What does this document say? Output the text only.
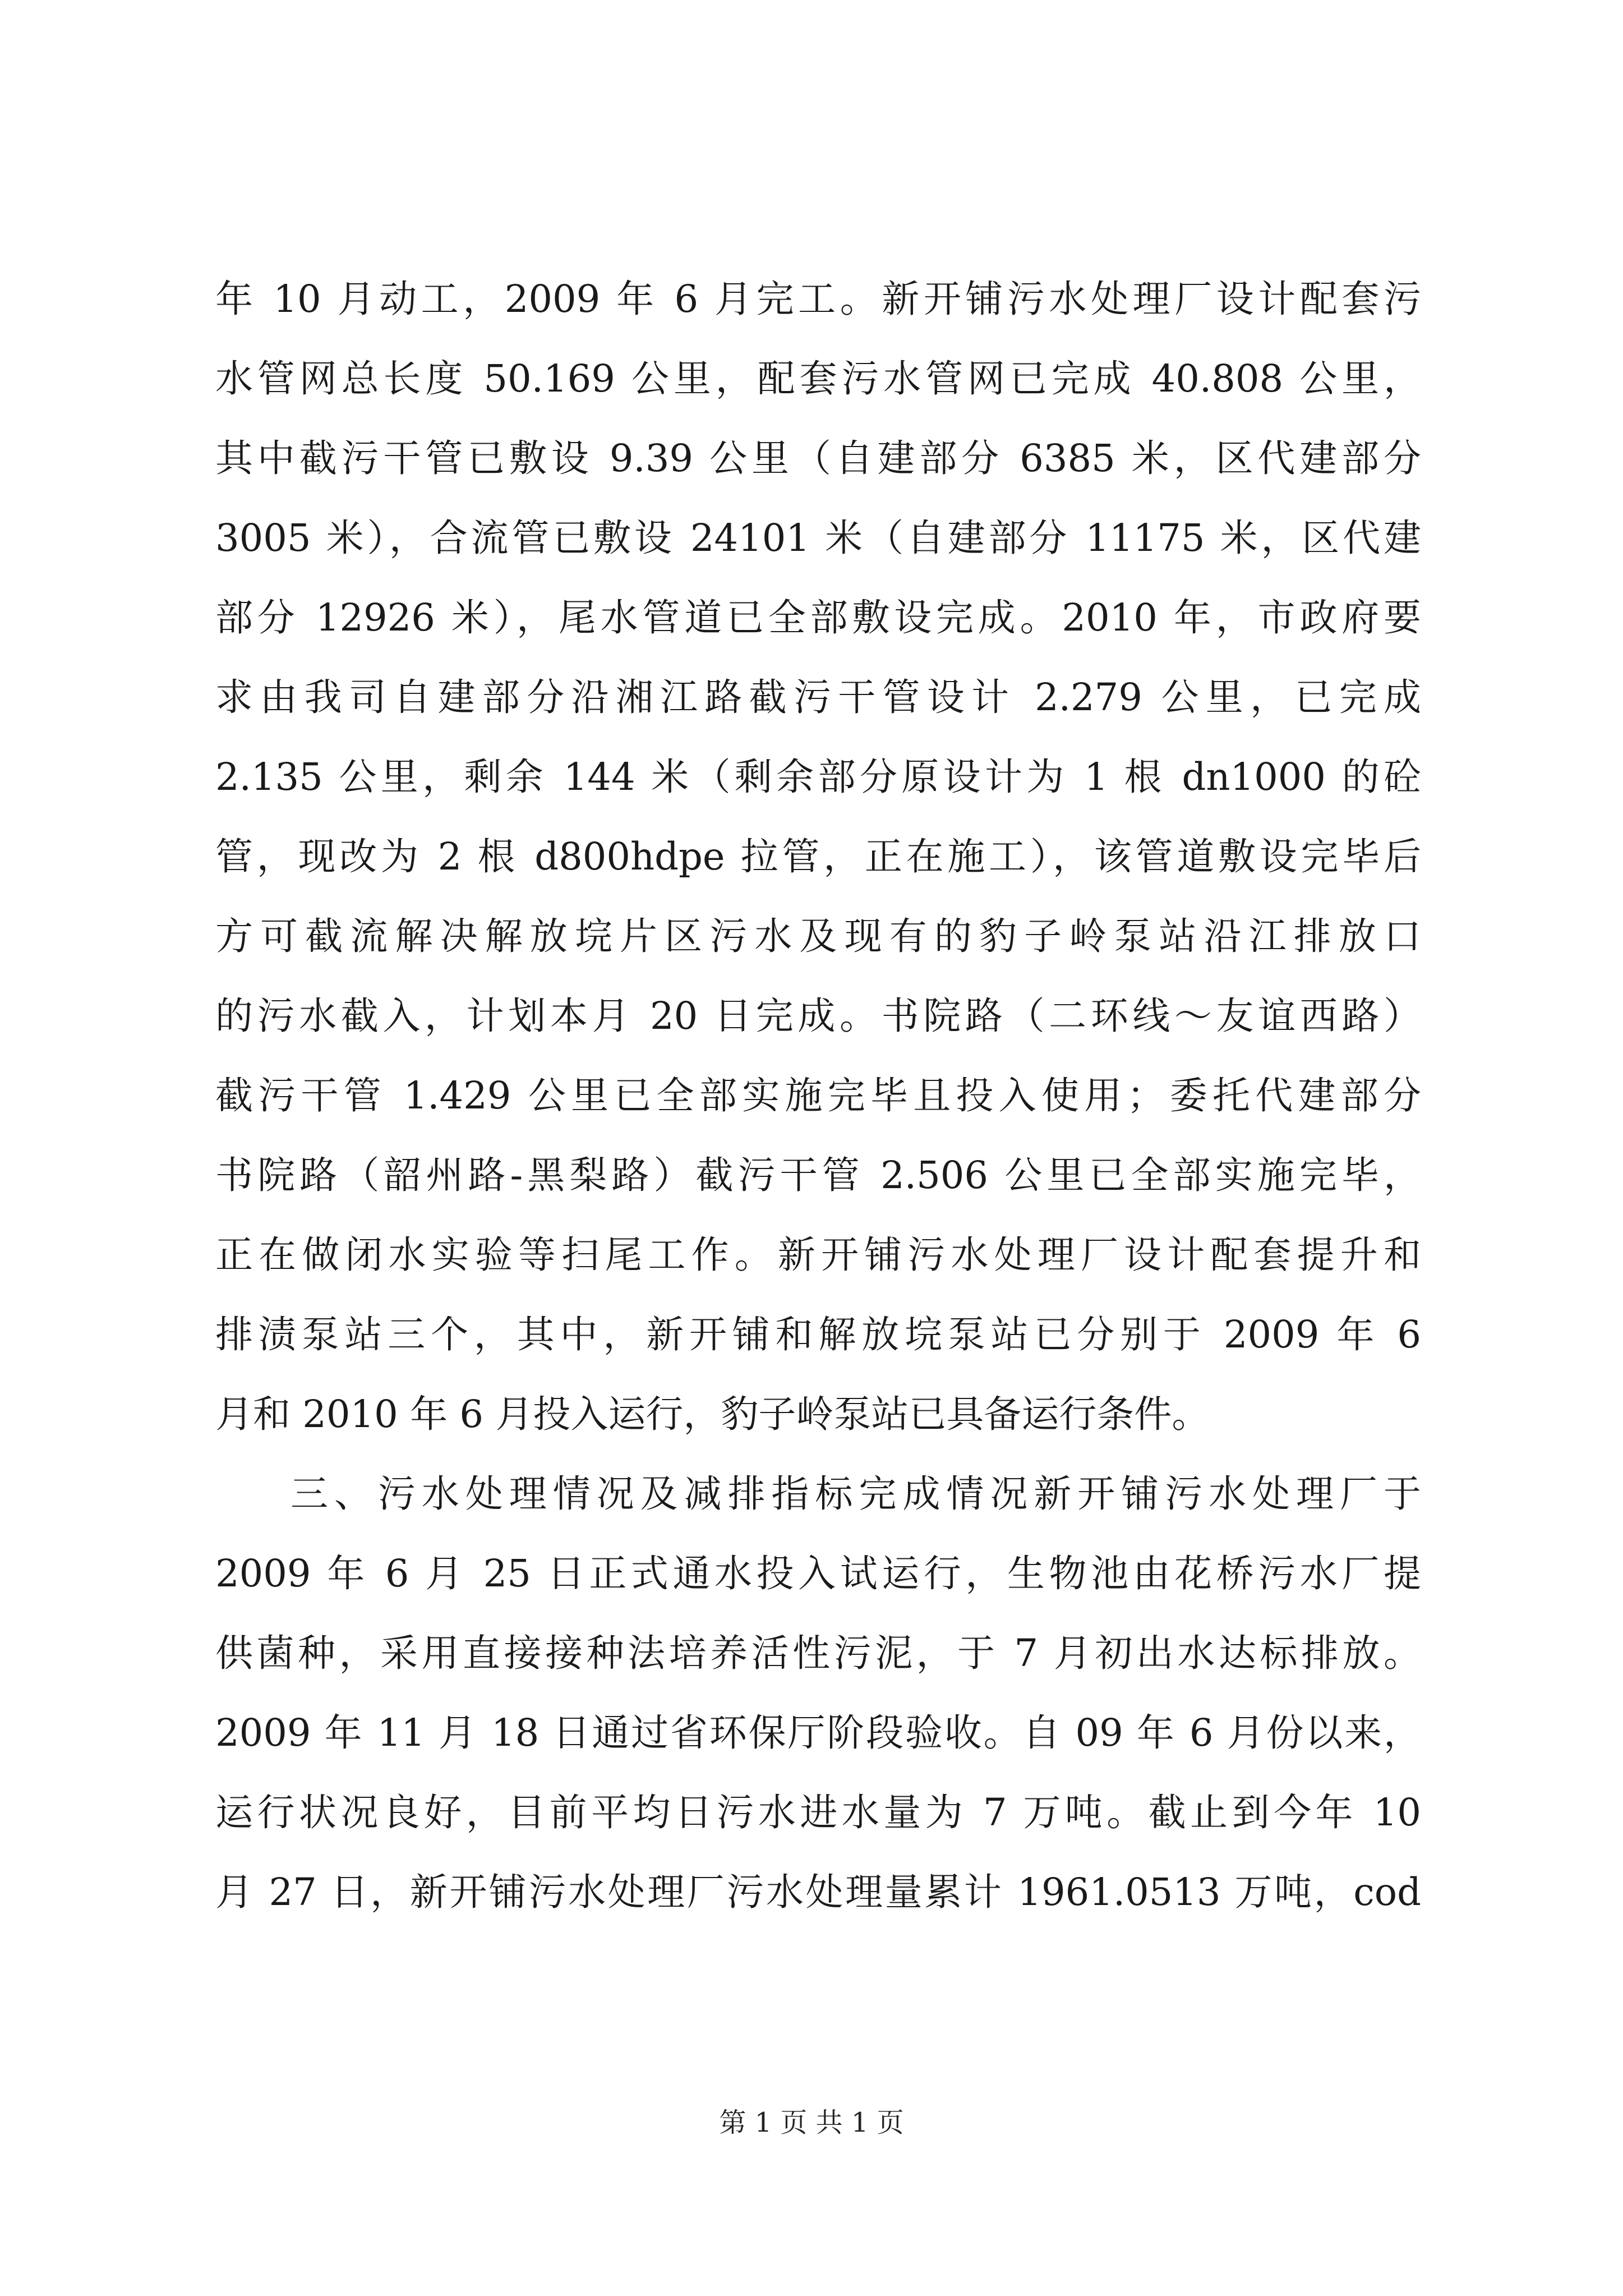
年 10 月动工，2009 年 6 月完工。新开铺污水处理厂设计配套污
水管网总长度 50.169 公里，配套污水管网已完成 40.808 公里，
其中截污干管已敷设 9.39 公里（自建部分 6385 米，区代建部分
3005 米），合流管已敷设 24101 米（自建部分 11175 米，区代建
部分 12926 米），尾水管道已全部敷设完成。2010 年，市政府要
求由我司自建部分沿湘江路截污干管设计 2.279 公里，已完成
2.135 公里，剩余 144 米（剩余部分原设计为 1 根 dn1000 的砼
管，现改为 2 根 d800hdpe 拉管，正在施工），该管道敷设完毕后
方可截流解决解放垸片区污水及现有的豹子岭泵站沿江排放口
的污水截入，计划本月 20 日完成。书院路（二环线～友谊西路）
截污干管 1.429 公里已全部实施完毕且投入使用；委托代建部分
书院路（韶州路-黑梨路）截污干管 2.506 公里已全部实施完毕，
正在做闭水实验等扫尾工作。新开铺污水处理厂设计配套提升和
排渍泵站三个，其中，新开铺和解放垸泵站已分别于 2009 年 6
月和 2010 年 6 月投入运行，豹子岭泵站已具备运行条件。
三、污水处理情况及减排指标完成情况新开铺污水处理厂于
2009 年 6 月 25 日正式通水投入试运行，生物池由花桥污水厂提
供菌种，采用直接接种法培养活性污泥，于 7 月初出水达标排放。
2009 年 11 月 18 日通过省环保厅阶段验收。自 09 年 6 月份以来，
运行状况良好，目前平均日污水进水量为 7 万吨。截止到今年 10
月 27 日，新开铺污水处理厂污水处理量累计 1961.0513 万吨，cod
第 1 页 共 1 页
